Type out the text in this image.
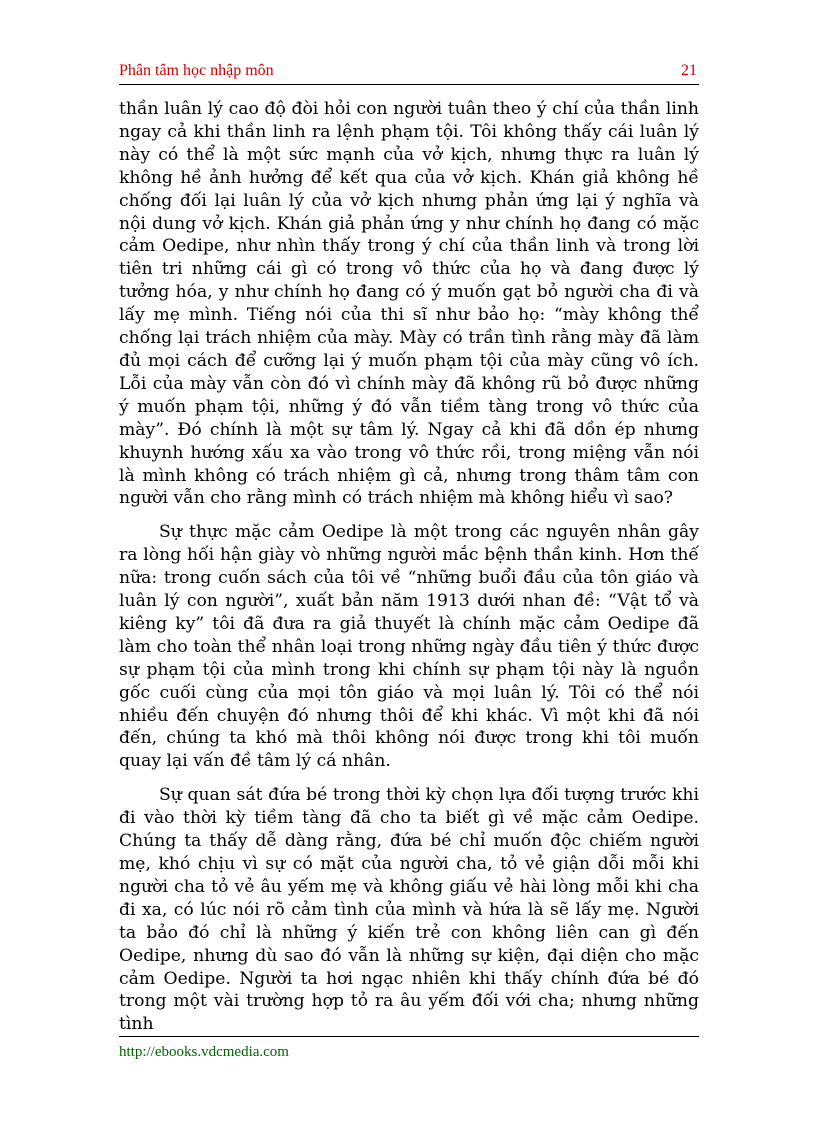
Phân tâm học nhập môn	21

thần luân lý cao độ đòi hỏi con người tuân theo ý chí của thần linh ngay cả khi thần linh ra lệnh phạm tội. Tôi không thấy cái luân lý này có thể là một sức mạnh của vở kịch, nhưng thực ra luân lý không hề ảnh hưởng để kết qua của vở kịch. Khán giả không hề chống đối lại luân lý của vở kịch nhưng phản ứng lại ý nghĩa và nội dung vở kịch. Khán giả phản ứng y như chính họ đang có mặc cảm Oedipe, như nhìn thấy trong ý chí của thần linh và trong lời tiên tri những cái gì có trong vô thức của họ và đang được lý tưởng hóa, y như chính họ đang có ý muốn gạt bỏ người cha đi và lấy mẹ mình. Tiếng nói của thi sĩ như bảo họ: “mày không thể chống lại trách nhiệm của mày. Mày có trần tình rằng mày đã làm đủ mọi cách để cưỡng lại ý muốn phạm tội của mày cũng vô ích. Lỗi của mày vẫn còn đó vì chính mày đã không rũ bỏ được những ý muốn phạm tội, những ý đó vẫn tiềm tàng trong vô thức của mày”. Đó chính là một sự tâm lý. Ngay cả khi đã dồn ép nhưng khuynh hướng xấu xa vào trong vô thức rồi, trong miệng vẫn nói là mình không có trách nhiệm gì cả, nhưng trong thâm tâm con người vẫn cho rằng mình có trách nhiệm mà không hiểu vì sao?

Sự thực mặc cảm Oedipe là một trong các nguyên nhân gây ra lòng hối hận giày vò những người mắc bệnh thần kinh. Hơn thế nữa: trong cuốn sách của tôi về “những buổi đầu của tôn giáo và luân lý con người”, xuất bản năm 1913 dưới nhan đề: “Vật tổ và kiêng ky” tôi đã đưa ra giả thuyết là chính mặc cảm Oedipe đã làm cho toàn thể nhân loại trong những ngày đầu tiên ý thức được sự phạm tội của mình trong khi chính sự phạm tội này là nguồn gốc cuối cùng của mọi tôn giáo và mọi luân lý. Tôi có thể nói nhiều đến chuyện đó nhưng thôi để khi khác. Vì một khi đã nói đến, chúng ta khó mà thôi không nói được trong khi tôi muốn quay lại vấn đề tâm lý cá nhân.

Sự quan sát đứa bé trong thời kỳ chọn lựa đối tượng trước khi đi vào thời kỳ tiềm tàng đã cho ta biết gì về mặc cảm Oedipe. Chúng ta thấy dễ dàng rằng, đứa bé chỉ muốn độc chiếm người mẹ, khó chịu vì sự có mặt của người cha, tỏ vẻ giận dỗi mỗi khi người cha tỏ vẻ âu yếm mẹ và không giấu vẻ hài lòng mỗi khi cha đi xa, có lúc nói rõ cảm tình của mình và hứa là sẽ lấy mẹ. Người ta bảo đó chỉ là những ý kiến trẻ con không liên can gì đến Oedipe, nhưng dù sao đó vẫn là những sự kiện, đại diện cho mặc cảm Oedipe. Người ta hơi ngạc nhiên khi thấy chính đứa bé đó trong một vài trường hợp tỏ ra âu yếm đối với cha; nhưng những tình

http://ebooks.vdcmedia.com
